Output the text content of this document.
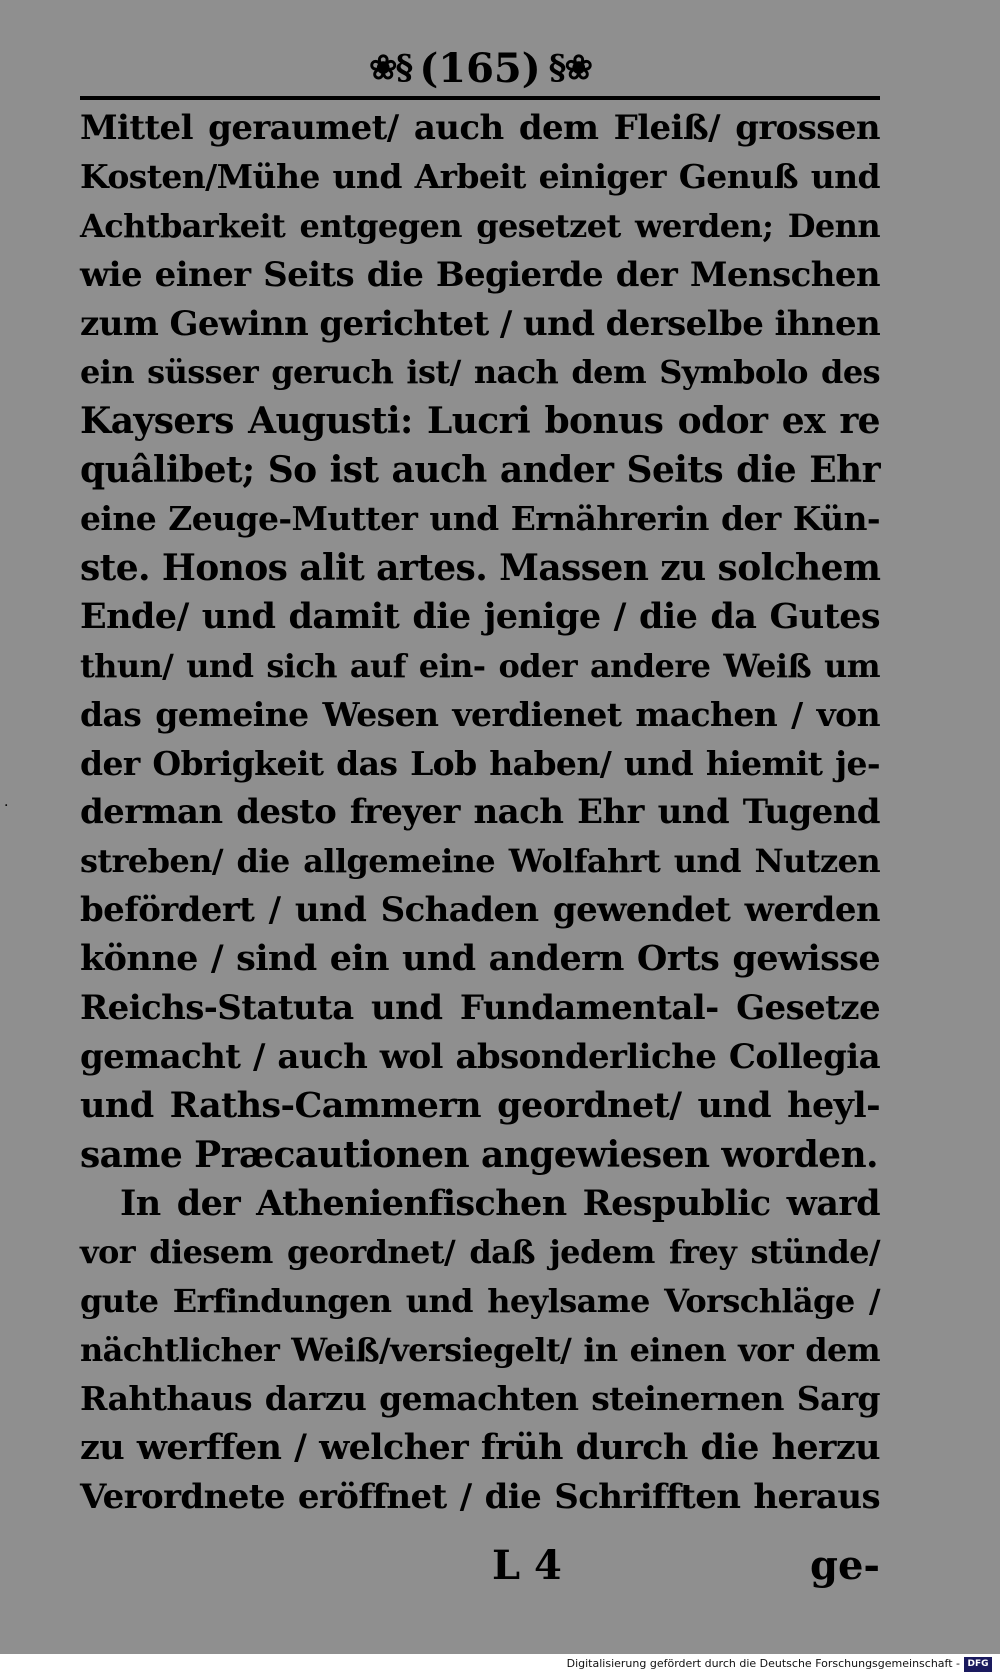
❀§ (165) §❀
Mittel geraumet/ auch dem Fleiß/ grossen
Kosten/Mühe und Arbeit einiger Genuß und
Achtbarkeit entgegen gesetzet werden; Denn
wie einer Seits die Begierde der Menschen
zum Gewinn gerichtet / und derselbe ihnen
ein süsser geruch ist/ nach dem Symbolo des
Kaysers Augusti: Lucri bonus odor ex re
quâlibet; So ist auch ander Seits die Ehr
eine Zeuge-Mutter und Ernährerin der Kün-
ste. Honos alit artes. Massen zu solchem
Ende/ und damit die jenige / die da Gutes
thun/ und sich auf ein- oder andere Weiß um
das gemeine Wesen verdienet machen / von
der Obrigkeit das Lob haben/ und hiemit je-
derman desto freyer nach Ehr und Tugend
streben/ die allgemeine Wolfahrt und Nutzen
befördert / und Schaden gewendet werden
könne / sind ein und andern Orts gewisse
Reichs-Statuta und Fundamental- Gesetze
gemacht / auch wol absonderliche Collegia
und Raths-Cammern geordnet/ und heyl-
same Præcautionen angewiesen worden.
In der Athenienfischen Respublic ward
vor diesem geordnet/ daß jedem frey stünde/
gute Erfindungen und heylsame Vorschläge /
nächtlicher Weiß/versiegelt/ in einen vor dem
Rahthaus darzu gemachten steinernen Sarg
zu werffen / welcher früh durch die herzu
Verordnete eröffnet / die Schrifften heraus
L 4	ge-
·
Digitalisierung gefördert durch die Deutsche Forschungsgemeinschaft - DFG
